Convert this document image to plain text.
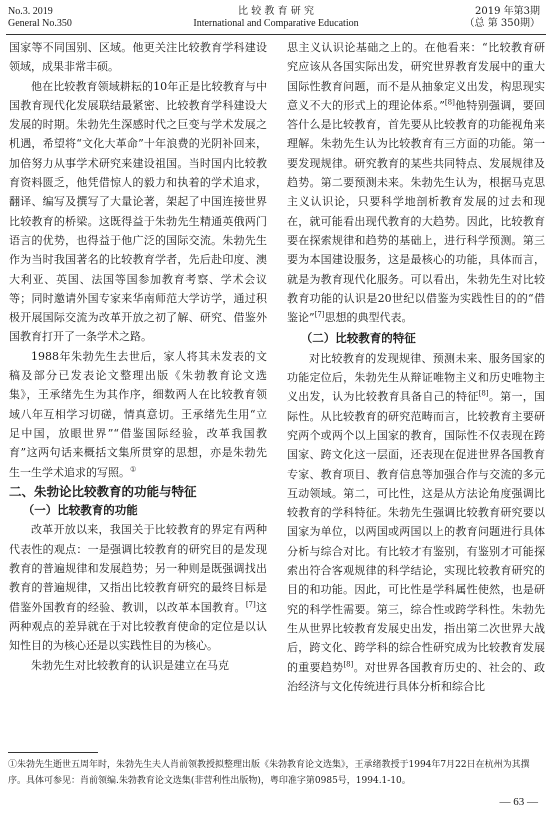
No.3. 2019
General No.350
比 较 教 育 研 究
International and Comparative Education
2019 年第3期
（总 第 350期）

国家等不同国别、区域。他更关注比较教育学科建设领域，成果非常丰硕。

他在比较教育领域耕耘的10年正是比较教育与中国教育现代化发展联结最紧密、比较教育学科建设大发展的时期。朱勃先生深感时代之巨变与学术发展之机遇，希望将“文化大革命”十年浪费的光阴补回来，加倍努力从事学术研究来建设祖国。当时国内比较教育资料匮乏，他凭借惊人的毅力和执着的学术追求，翻译、编写及撰写了大量论著，架起了中国连接世界比较教育的桥梁。这既得益于朱勃先生精通英俄两门语言的优势，也得益于他广泛的国际交流。朱勃先生作为当时我国著名的比较教育学者，先后赴印度、澳大利亚、英国、法国等国参加教育考察、学术会议等；同时邀请外国专家来华南师范大学访学，通过积极开展国际交流为改革开放之初了解、研究、借鉴外国教育打开了一条学术之路。

1988年朱勃先生去世后，家人将其未发表的文稿及部分已发表论文整理出版《朱勃教育论文选集》，王承绪先生为其作序，细数两人在比较教育领域八年互相学习切磋，情真意切。王承绪先生用“立足中国，放眼世界”“借鉴国际经验，改革我国教育”这两句话来概括文集所贯穿的思想，亦是朱勃先生一生学术追求的写照。①

二、朱勃论比较教育的功能与特征

（一）比较教育的功能

改革开放以来，我国关于比较教育的界定有两种代表性的观点：一是强调比较教育的研究目的是发现教育的普遍规律和发展趋势；另一种则是既强调找出教育的普遍规律，又指出比较教育研究的最终目标是借鉴外国教育的经验、教训，以改革本国教育。[7]这两种观点的差异就在于对比较教育使命的定位是以认知性目的为核心还是以实践性目的为核心。

朱勃先生对比较教育的认识是建立在马克

思主义认识论基础之上的。在他看来：“比较教育研究应该从各国实际出发，研究世界教育发展中的重大国际性教育问题，而不是从抽象定义出发，构思现实意义不大的形式上的理论体系。”[8]他特别强调，要回答什么是比较教育，首先要从比较教育的功能视角来理解。朱勃先生认为比较教育有三方面的功能。第一要发现规律。研究教育的某些共同特点、发展规律及趋势。第二要预测未来。朱勃先生认为，根据马克思主义认识论，只要科学地剖析教育发展的过去和现在，就可能看出现代教育的大趋势。因此，比较教育要在探索规律和趋势的基础上，进行科学预测。第三要为本国建设服务，这是最核心的功能，具体而言，就是为教育现代化服务。可以看出，朱勃先生对比较教育功能的认识是20世纪以借鉴为实践性目的的“借鉴论”[7]思想的典型代表。

（二）比较教育的特征

对比较教育的发现规律、预测未来、服务国家的功能定位后，朱勃先生从辩证唯物主义和历史唯物主义出发，认为比较教育具备自己的特征[8]。第一，国际性。从比较教育的研究范畴而言，比较教育主要研究两个或两个以上国家的教育，国际性不仅表现在跨国家、跨文化这一层面，还表现在促进世界各国教育专家、教育项目、教育信息等加强合作与交流的多元互动领域。第二，可比性，这是从方法论角度强调比较教育的学科特征。朱勃先生强调比较教育研究要以国家为单位，以两国或两国以上的教育问题进行具体分析与综合对比。有比较才有鉴别，有鉴别才可能探索出符合客观规律的科学结论，实现比较教育研究的目的和功能。因此，可比性是学科属性使然，也是研究的科学性需要。第三，综合性或跨学科性。朱勃先生从世界比较教育发展史出发，指出第二次世界大战后，跨文化、跨学科的综合性研究成为比较教育发展的重要趋势[8]。对世界各国教育历史的、社会的、政治经济与文化传统进行具体分析和综合比

①朱勃先生逝世五周年时，朱勃先生夫人肖前领教授拟整理出版《朱勃教育论文选集》，王承绪教授于1994年7月22日在杭州为其撰序。具体可参见：肖前领编.朱勃教育论文选集(非营利性出版物)，粤印准字第0985号，1994.1-10。
— 63 —
